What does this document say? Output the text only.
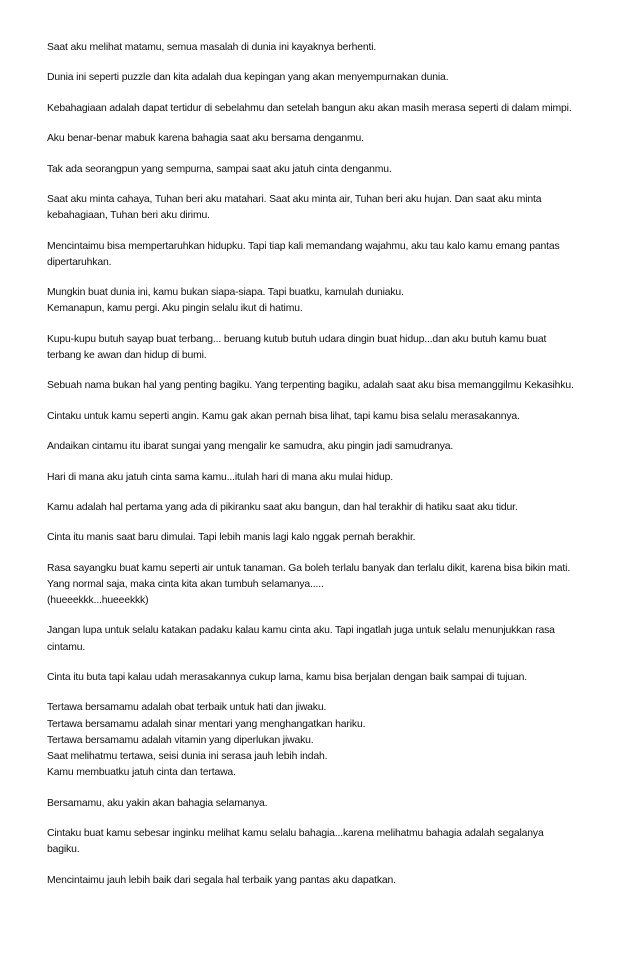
Saat aku melihat matamu, semua masalah di dunia ini kayaknya berhenti.

Dunia ini seperti puzzle dan kita adalah dua kepingan yang akan menyempurnakan dunia.

Kebahagiaan adalah dapat tertidur di sebelahmu dan setelah bangun aku akan masih merasa seperti di dalam mimpi.

Aku benar-benar mabuk karena bahagia saat aku bersama denganmu.

Tak ada seorangpun yang sempurna, sampai saat aku jatuh cinta denganmu.

Saat aku minta cahaya, Tuhan beri aku matahari. Saat aku minta air, Tuhan beri aku hujan. Dan saat aku minta
kebahagiaan, Tuhan beri aku dirimu.

Mencintaimu bisa mempertaruhkan hidupku. Tapi tiap kali memandang wajahmu, aku tau kalo kamu emang pantas
dipertaruhkan.

Mungkin buat dunia ini, kamu bukan siapa-siapa. Tapi buatku, kamulah duniaku.
Kemanapun, kamu pergi. Aku pingin selalu ikut di hatimu.

Kupu-kupu butuh sayap buat terbang... beruang kutub butuh udara dingin buat hidup...dan aku butuh kamu buat
terbang ke awan dan hidup di bumi.

Sebuah nama bukan hal yang penting bagiku. Yang terpenting bagiku, adalah saat aku bisa memanggilmu Kekasihku.

Cintaku untuk kamu seperti angin. Kamu gak akan pernah bisa lihat, tapi kamu bisa selalu merasakannya.

Andaikan cintamu itu ibarat sungai yang mengalir ke samudra, aku pingin jadi samudranya.

Hari di mana aku jatuh cinta sama kamu...itulah hari di mana aku mulai hidup.

Kamu adalah hal pertama yang ada di pikiranku saat aku bangun, dan hal terakhir di hatiku saat aku tidur.

Cinta itu manis saat baru dimulai. Tapi lebih manis lagi kalo nggak pernah berakhir.

Rasa sayangku buat kamu seperti air untuk tanaman. Ga boleh terlalu banyak dan terlalu dikit, karena bisa bikin mati.
Yang normal saja, maka cinta kita akan tumbuh selamanya.....
(hueeekkk...hueeekkk)

Jangan lupa untuk selalu katakan padaku kalau kamu cinta aku. Tapi ingatlah juga untuk selalu menunjukkan rasa
cintamu.

Cinta itu buta tapi kalau udah merasakannya cukup lama, kamu bisa berjalan dengan baik sampai di tujuan.

Tertawa bersamamu adalah obat terbaik untuk hati dan jiwaku.
Tertawa bersamamu adalah sinar mentari yang menghangatkan hariku.
Tertawa bersamamu adalah vitamin yang diperlukan jiwaku.
Saat melihatmu tertawa, seisi dunia ini serasa jauh lebih indah.
Kamu membuatku jatuh cinta dan tertawa.

Bersamamu, aku yakin akan bahagia selamanya.

Cintaku buat kamu sebesar inginku melihat kamu selalu bahagia...karena melihatmu bahagia adalah segalanya
bagiku.

Mencintaimu jauh lebih baik dari segala hal terbaik yang pantas aku dapatkan.
